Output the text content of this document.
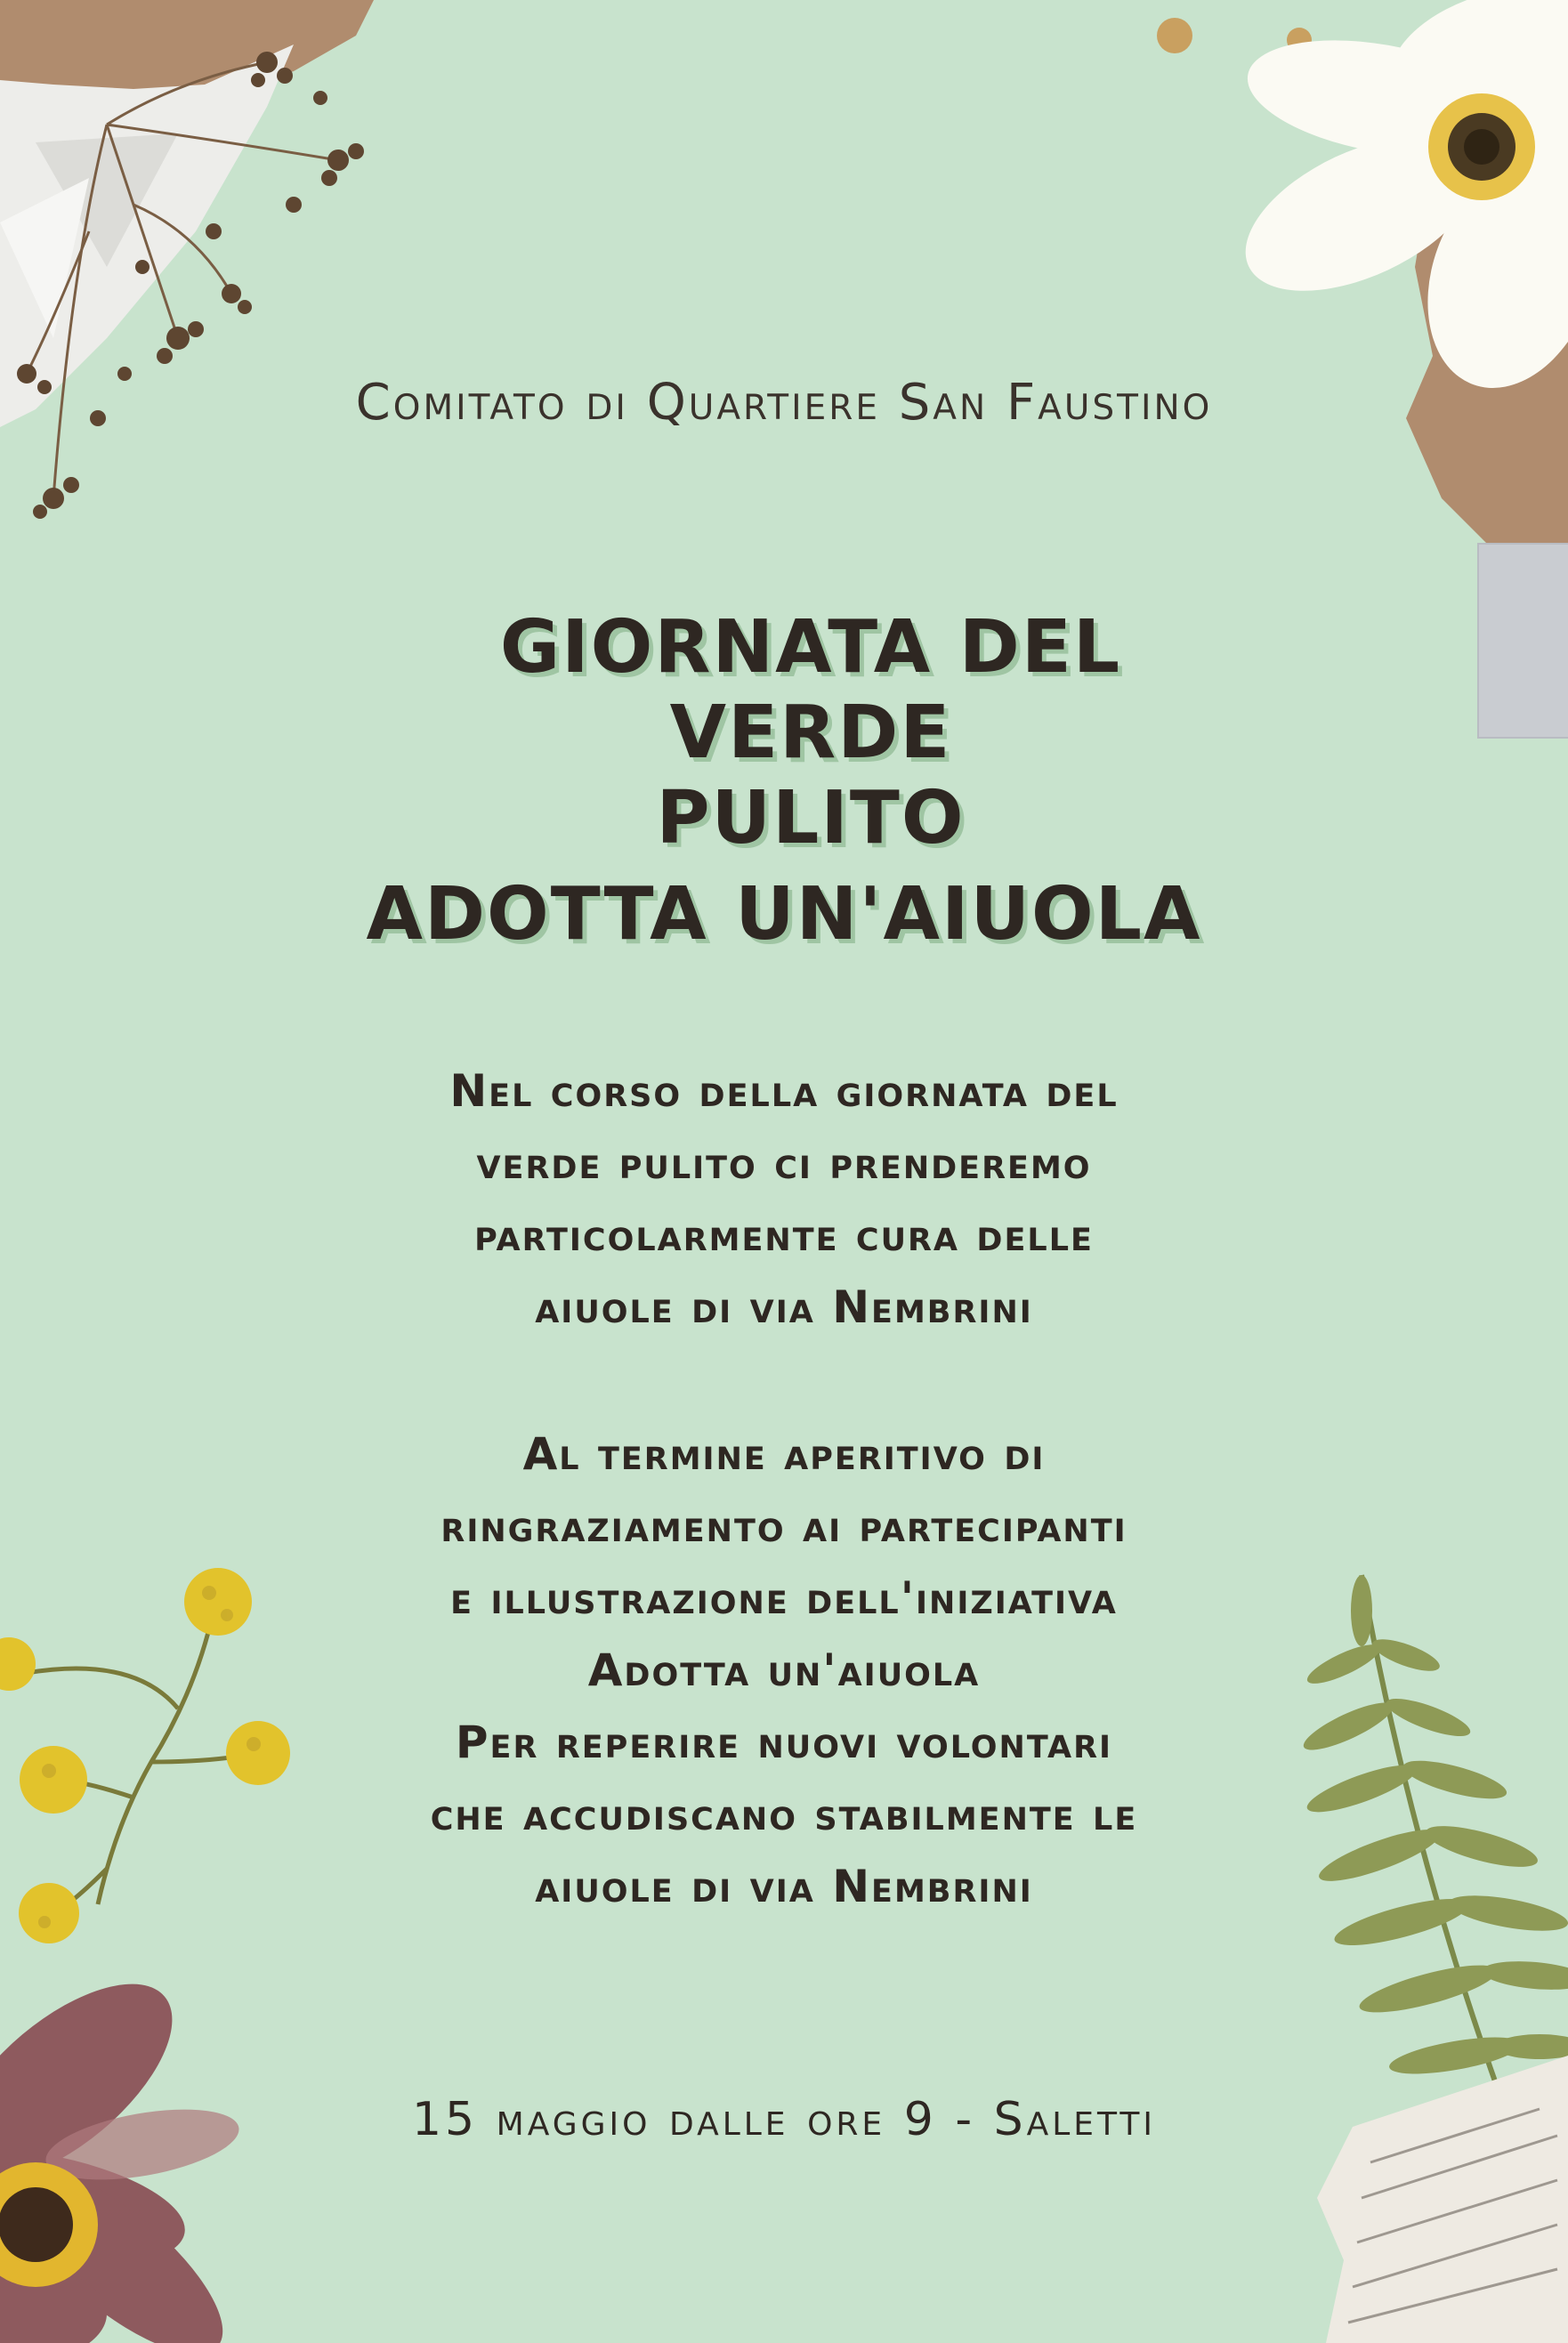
Comitato di Quartiere San Faustino
GIORNATA DEL VERDE
PULITO
ADOTTA UN'AIUOLA
Nel corso della giornata del
verde pulito ci prenderemo
particolarmente cura delle
aiuole di via Nembrini
Al termine aperitivo di
ringraziamento ai partecipanti
e illustrazione dell'iniziativa
Adotta un'aiuola
Per reperire nuovi volontari
che accudiscano stabilmente le
aiuole di via Nembrini
15 maggio dalle ore 9 - Saletti
